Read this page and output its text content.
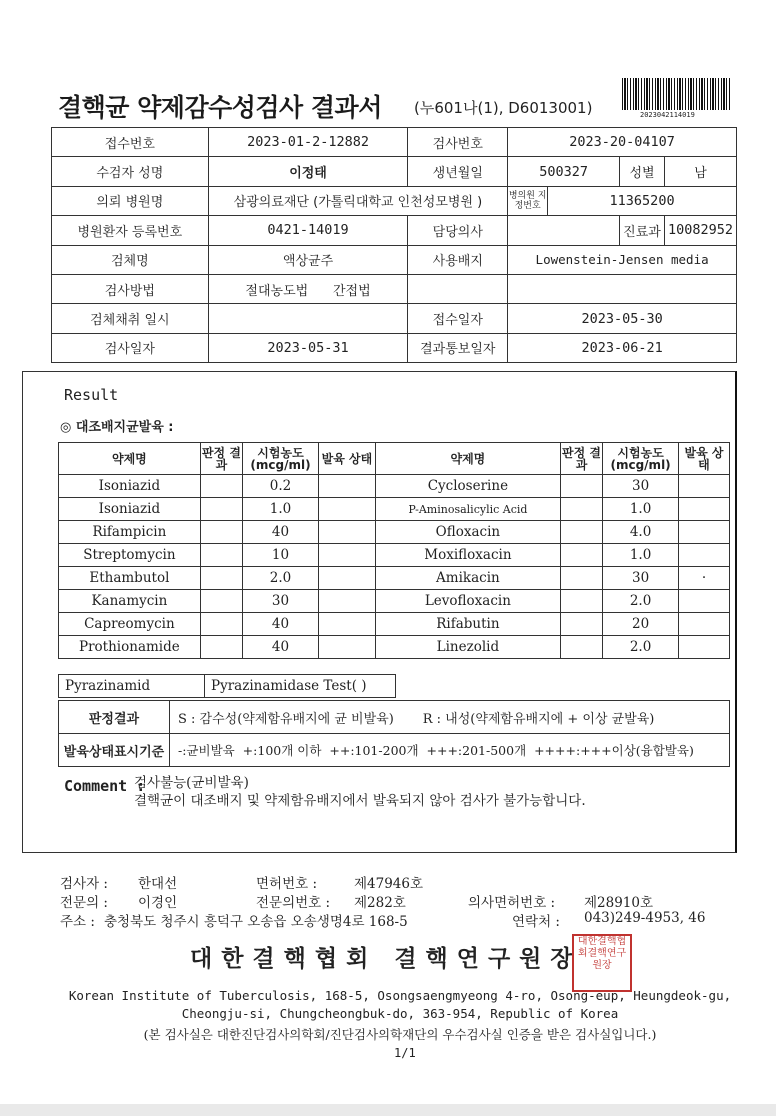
결핵균 약제감수성검사 결과서 (누601나(1), D6013001)	2023042114019
접수번호	2023-01-2-12882	검사번호	2023-20-04107			
수검자 성명	이정태	생년월일	500327		성별	남
의뢰 병원명	삼광의료재단 (가톨릭대학교 인천성모병원 )		병의원 지정번호	11365200		
병원환자 등록번호	0421-14019	담당의사			진료과	10082952
검체명	액상균주	사용배지	Lowenstein-Jensen media			
검사방법	절대농도법 간접법					
검체채취 일시		접수일자	2023-05-30			
검사일자	2023-05-31	결과통보일자	2023-06-21			
Result
◎ 대조배지균발육 :
약제명	판정 결과	시험농도 (mcg/ml)	발육 상태	약제명	판정 결과	시험농도 (mcg/ml)	발육 상태
Isoniazid		0.2		Cycloserine		30	
Isoniazid		1.0		P-Aminosalicylic Acid		1.0	
Rifampicin		40		Ofloxacin		4.0	
Streptomycin		10		Moxifloxacin		1.0	
Ethambutol		2.0		Amikacin		30	·
Kanamycin		30		Levofloxacin		2.0	
Capreomycin		40		Rifabutin		20	
Prothionamide		40		Linezolid		2.0	
Pyrazinamid	Pyrazinamidase Test( )
판정결과	S : 감수성(약제함유배지에 균 비발육)       R : 내성(약제함유배지에 + 이상 균발육)
발육상태표시기준	-:균비발육  +:100개 이하  ++:101-200개  +++:201-500개  ++++:+++이상(융합발육)
Comment :
검사불능(균비발육)
결핵균이 대조배지 및 약제함유배지에서 발육되지 않아 검사가 불가능합니다.
검사자 : 한대선	면허번호 :	제47946호
전문의 : 이경인	전문의번호 : 제282호	의사면허번호 : 제28910호
주소 : 충청북도 청주시 흥덕구 오송읍 오송생명4로 168-5	연락처 : 043)249-4953, 46
대한결핵협회 결핵연구원장
대한결핵협회결핵연구원장
Korean Institute of Tuberculosis, 168-5, Osongsaengmyeong 4-ro, Osong-eup, Heungdeok-gu,
Cheongju-si, Chungcheongbuk-do, 363-954, Republic of Korea
(본 검사실은 대한진단검사의학회/진단검사의학재단의 우수검사실 인증을 받은 검사실입니다.)
1/1
